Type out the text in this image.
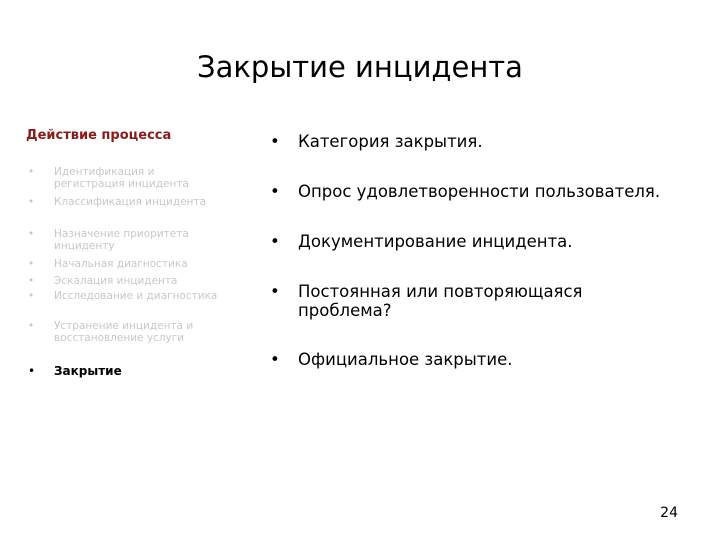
Закрытие инцидента
Действие процесса
• Идентификация и регистрация инцидента
• Классификация инцидента
• Назначение приоритета инциденту
• Начальная диагностика
• Эскалация инцидента
• Исследование и диагностика
• Устранение инцидента и восстановление услуги
• Закрытие
•	Категория закрытия.
•	Опрос удовлетворенности пользователя.
•	Документирование инцидента.
•	Постоянная или повторяющаяся проблема?
•	Официальное закрытие.
24
